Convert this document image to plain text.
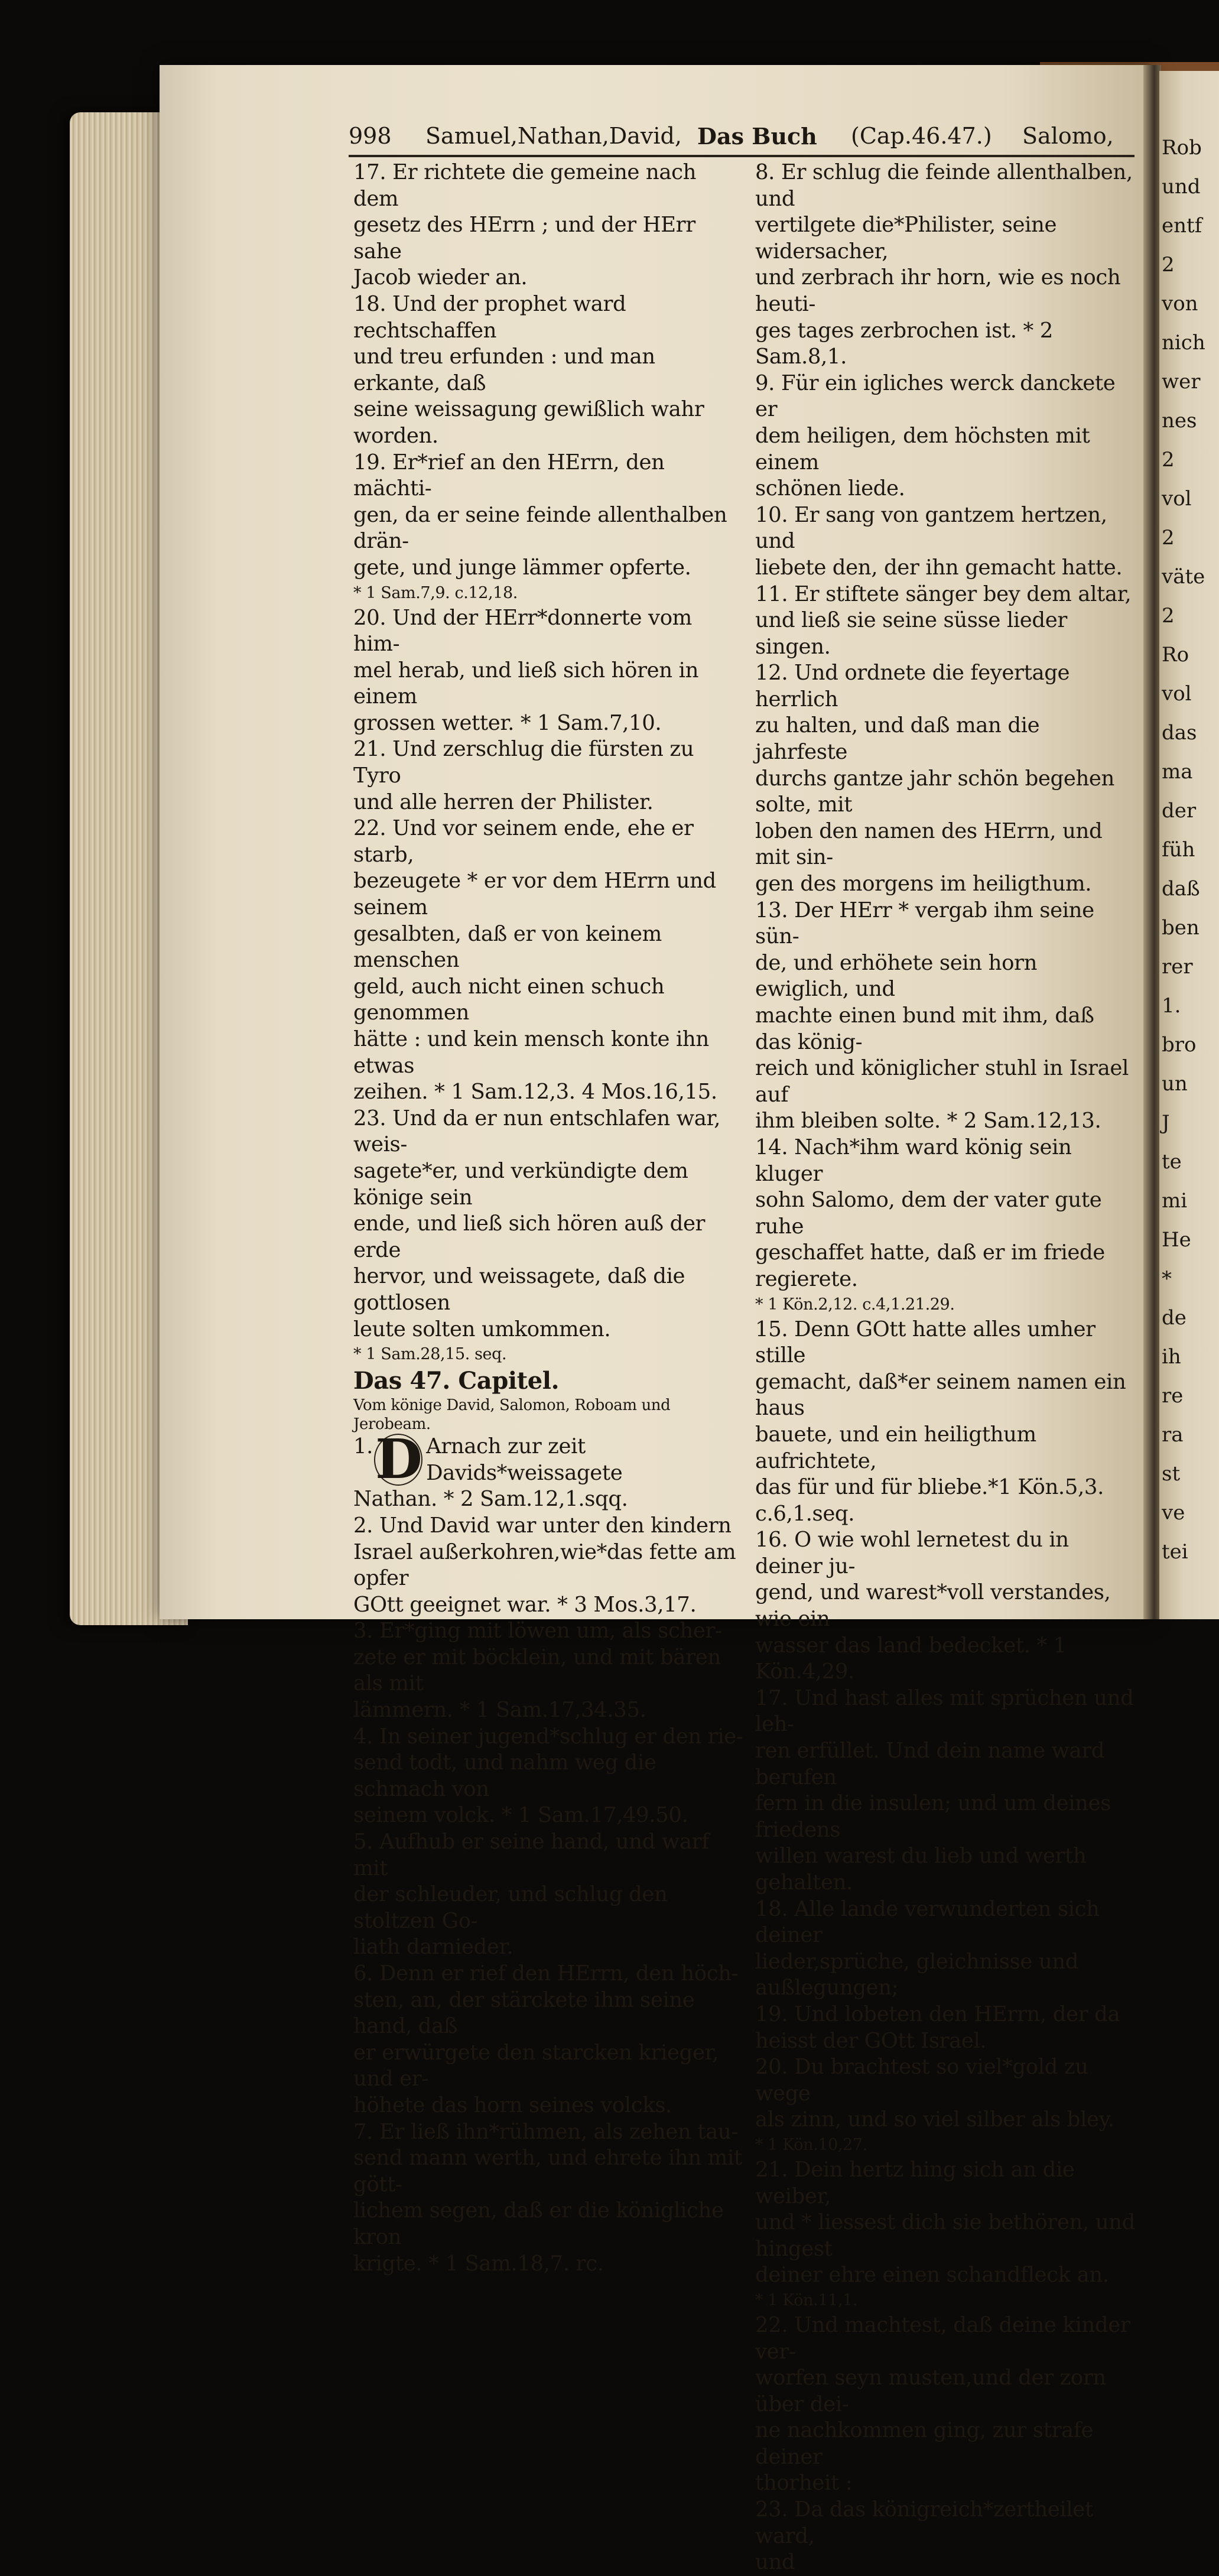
Rob
und
entf
2
von
nich
wer
nes
2
vol
2
väte
2
Ro
vol
das
ma
der
füh
daß
ben
rer
1.
bro
un
J
te
mi
He
*
de
ih
re
ra
st
ve
tei
998 Samuel,Nathan,David, Das Buch (Cap.46.47.) Salomo,

17. Er richtete die gemeine nach dem
gesetz des HErrn ; und der HErr sahe
Jacob wieder an.

18. Und der prophet ward rechtschaffen
und treu erfunden : und man erkante, daß
seine weissagung gewißlich wahr worden.

19. Er*rief an den HErrn, den mächti-
gen, da er seine feinde allenthalben drän-
gete, und junge lämmer opferte.

* 1 Sam.7,9. c.12,18.

20. Und der HErr*donnerte vom him-
mel herab, und ließ sich hören in einem
grossen wetter. * 1 Sam.7,10.

21. Und zerschlug die fürsten zu Tyro
und alle herren der Philister.

22. Und vor seinem ende, ehe er starb,
bezeugete * er vor dem HErrn und seinem
gesalbten, daß er von keinem menschen
geld, auch nicht einen schuch genommen
hätte : und kein mensch konte ihn etwas
zeihen. * 1 Sam.12,3. 4 Mos.16,15.

23. Und da er nun entschlafen war, weis-
sagete*er, und verkündigte dem könige sein
ende, und ließ sich hören auß der erde
hervor, und weissagete, daß die gottlosen
leute solten umkommen.

* 1 Sam.28,15. seq.

Das 47. Capitel.

Vom könige David, Salomon, Roboam und
Jerobeam.

1. D Arnach zur zeit Davids*weissagete
Nathan. * 2 Sam.12,1.sqq.

2. Und David war unter den kindern
Israel außerkohren,wie*das fette am opfer
GOtt geeignet war. * 3 Mos.3,17.

3. Er*ging mit löwen um, als scher-
zete er mit böcklein, und mit bären als mit
lämmern. * 1 Sam.17,34.35.

4. In seiner jugend*schlug er den rie-
send todt, und nahm weg die schmach von
seinem volck. * 1 Sam.17,49.50.

5. Aufhub er seine hand, und warf mit
der schleuder, und schlug den stoltzen Go-
liath darnieder.

6. Denn er rief den HErrn, den höch-
sten, an, der stärckete ihm seine hand, daß
er erwürgete den starcken krieger, und er-
höhete das horn seines volcks.

7. Er ließ ihn*rühmen, als zehen tau-
send mann werth, und ehrete ihn mit gött-
lichem segen, daß er die königliche kron
krigte. * 1 Sam.18,7. rc.

8. Er schlug die feinde allenthalben, und
vertilgete die*Philister, seine widersacher,
und zerbrach ihr horn, wie es noch heuti-
ges tages zerbrochen ist. * 2 Sam.8,1.

9. Für ein igliches werck danckete er
dem heiligen, dem höchsten mit einem
schönen liede.

10. Er sang von gantzem hertzen, und
liebete den, der ihn gemacht hatte.

11. Er stiftete sänger bey dem altar,
und ließ sie seine süsse lieder singen.

12. Und ordnete die feyertage herrlich
zu halten, und daß man die jahrfeste
durchs gantze jahr schön begehen solte, mit
loben den namen des HErrn, und mit sin-
gen des morgens im heiligthum.

13. Der HErr * vergab ihm seine sün-
de, und erhöhete sein horn ewiglich, und
machte einen bund mit ihm, daß das könig-
reich und königlicher stuhl in Israel auf
ihm bleiben solte. * 2 Sam.12,13.

14. Nach*ihm ward könig sein kluger
sohn Salomo, dem der vater gute ruhe
geschaffet hatte, daß er im friede regierete.

* 1 Kön.2,12. c.4,1.21.29.

15. Denn GOtt hatte alles umher stille
gemacht, daß*er seinem namen ein haus
bauete, und ein heiligthum aufrichtete,
das für und für bliebe.*1 Kön.5,3. c.6,1.seq.

16. O wie wohl lernetest du in deiner ju-
gend, und warest*voll verstandes, wie ein
wasser das land bedecket. * 1 Kön.4,29.

17. Und hast alles mit sprüchen und leh-
ren erfüllet. Und dein name ward berufen
fern in die insulen; und um deines friedens
willen warest du lieb und werth gehalten.

18. Alle lande verwunderten sich deiner
lieder,sprüche, gleichnisse und außlegungen;

19. Und lobeten den HErrn, der da
heisst der GOtt Israel.

20. Du brachtest so viel*gold zu wege
als zinn, und so viel silber als bley.

* 1 Kön.10,27.

21. Dein hertz hing sich an die weiber,
und * liessest dich sie bethören, und hingest
deiner ehre einen schandfleck an.

* 1 Kön.11,1.

22. Und machtest, daß deine kinder ver-
worfen seyn musten,und der zorn über dei-
ne nachkommen ging, zur strafe deiner
thorheit :

23. Da das königreich*zertheilet ward,
und
